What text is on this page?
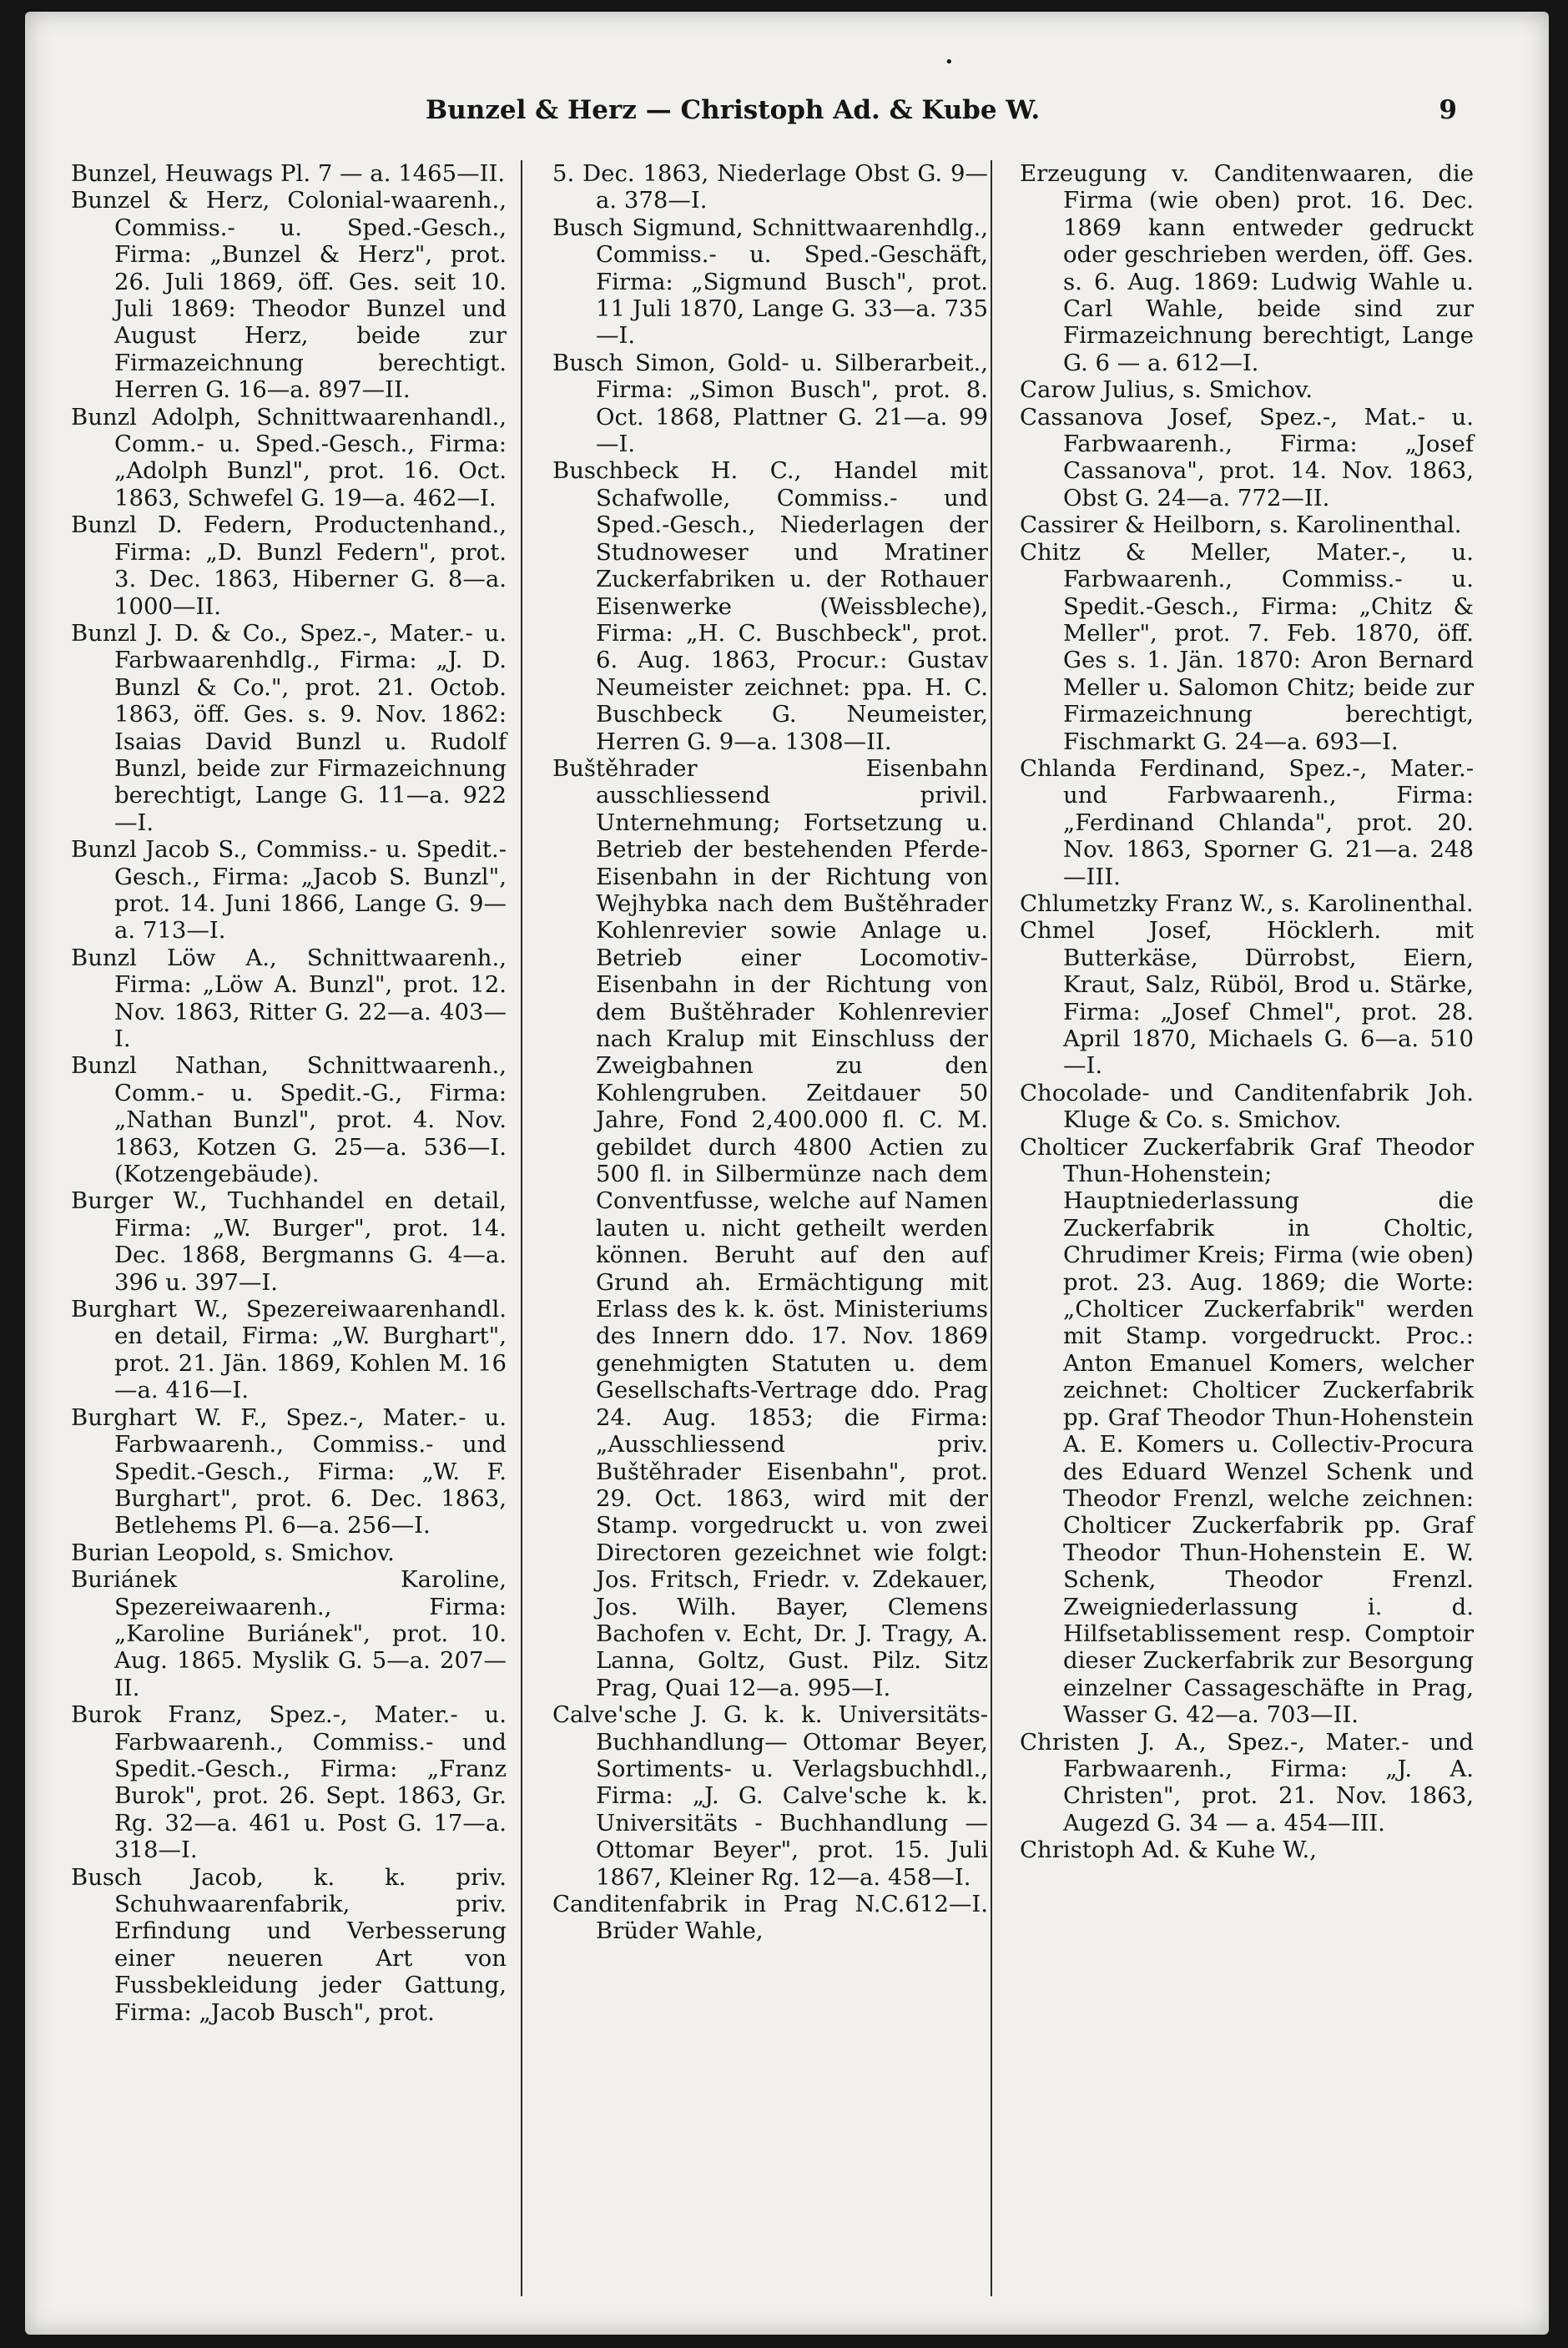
•
Bunzel & Herz — Christoph Ad. & Kube W.	9

Bunzel, Heuwags Pl. 7 — a. 1465—II.

Bunzel & Herz, Colonial-waarenh., Commiss.- u. Sped.-Gesch., Firma: „Bunzel & Herz", prot. 26. Juli 1869, öff. Ges. seit 10. Juli 1869: Theodor Bunzel und August Herz, beide zur Firmazeichnung berechtigt. Herren G. 16—a. 897—II.

Bunzl Adolph, Schnittwaarenhandl., Comm.- u. Sped.-Gesch., Firma: „Adolph Bunzl", prot. 16. Oct. 1863, Schwefel G. 19—a. 462—I.

Bunzl D. Federn, Productenhand., Firma: „D. Bunzl Federn", prot. 3. Dec. 1863, Hiberner G. 8—a. 1000—II.

Bunzl J. D. & Co., Spez.-, Mater.- u. Farbwaarenhdlg., Firma: „J. D. Bunzl & Co.", prot. 21. Octob. 1863, öff. Ges. s. 9. Nov. 1862: Isaias David Bunzl u. Rudolf Bunzl, beide zur Firmazeichnung berechtigt, Lange G. 11—a. 922—I.

Bunzl Jacob S., Commiss.- u. Spedit.-Gesch., Firma: „Jacob S. Bunzl", prot. 14. Juni 1866, Lange G. 9—a. 713—I.

Bunzl Löw A., Schnittwaarenh., Firma: „Löw A. Bunzl", prot. 12. Nov. 1863, Ritter G. 22—a. 403—I.

Bunzl Nathan, Schnittwaarenh., Comm.- u. Spedit.-G., Firma: „Nathan Bunzl", prot. 4. Nov. 1863, Kotzen G. 25—a. 536—I. (Kotzengebäude).

Burger W., Tuchhandel en detail, Firma: „W. Burger", prot. 14. Dec. 1868, Bergmanns G. 4—a. 396 u. 397—I.

Burghart W., Spezereiwaarenhandl. en detail, Firma: „W. Burghart", prot. 21. Jän. 1869, Kohlen M. 16—a. 416—I.

Burghart W. F., Spez.-, Mater.- u. Farbwaarenh., Commiss.- und Spedit.-Gesch., Firma: „W. F. Burghart", prot. 6. Dec. 1863, Betlehems Pl. 6—a. 256—I.

Burian Leopold, s. Smichov.

Buriánek Karoline, Spezereiwaarenh., Firma: „Karoline Buriánek", prot. 10. Aug. 1865. Myslik G. 5—a. 207—II.

Burok Franz, Spez.-, Mater.- u. Farbwaarenh., Commiss.- und Spedit.-Gesch., Firma: „Franz Burok", prot. 26. Sept. 1863, Gr. Rg. 32—a. 461 u. Post G. 17—a. 318—I.

Busch Jacob, k. k. priv. Schuhwaarenfabrik, priv. Erfindung und Verbesserung einer neueren Art von Fussbekleidung jeder Gattung, Firma: „Jacob Busch", prot.

5. Dec. 1863, Niederlage Obst G. 9—a. 378—I.

Busch Sigmund, Schnittwaarenhdlg., Commiss.- u. Sped.-Geschäft, Firma: „Sigmund Busch", prot. 11 Juli 1870, Lange G. 33—a. 735—I.

Busch Simon, Gold- u. Silberarbeit., Firma: „Simon Busch", prot. 8. Oct. 1868, Plattner G. 21—a. 99—I.

Buschbeck H. C., Handel mit Schafwolle, Commiss.- und Sped.-Gesch., Niederlagen der Studnoweser und Mratiner Zuckerfabriken u. der Rothauer Eisenwerke (Weissbleche), Firma: „H. C. Buschbeck", prot. 6. Aug. 1863, Procur.: Gustav Neumeister zeichnet: ppa. H. C. Buschbeck G. Neumeister, Herren G. 9—a. 1308—II.

Buštěhrader Eisenbahn ausschliessend privil. Unternehmung; Fortsetzung u. Betrieb der bestehenden Pferde-Eisenbahn in der Richtung von Wejhybka nach dem Buštěhrader Kohlenrevier sowie Anlage u. Betrieb einer Locomotiv-Eisenbahn in der Richtung von dem Buštěhrader Kohlenrevier nach Kralup mit Einschluss der Zweigbahnen zu den Kohlengruben. Zeitdauer 50 Jahre, Fond 2,400.000 fl. C. M. gebildet durch 4800 Actien zu 500 fl. in Silbermünze nach dem Conventfusse, welche auf Namen lauten u. nicht getheilt werden können. Beruht auf den auf Grund ah. Ermächtigung mit Erlass des k. k. öst. Ministeriums des Innern ddo. 17. Nov. 1869 genehmigten Statuten u. dem Gesellschafts-Vertrage ddo. Prag 24. Aug. 1853; die Firma: „Ausschliessend priv. Buštěhrader Eisenbahn", prot. 29. Oct. 1863, wird mit der Stamp. vorgedruckt u. von zwei Directoren gezeichnet wie folgt: Jos. Fritsch, Friedr. v. Zdekauer, Jos. Wilh. Bayer, Clemens Bachofen v. Echt, Dr. J. Tragy, A. Lanna, Goltz, Gust. Pilz. Sitz Prag, Quai 12—a. 995—I.

Calve'sche J. G. k. k. Universitäts-Buchhandlung— Ottomar Beyer, Sortiments- u. Verlagsbuchhdl., Firma: „J. G. Calve'sche k. k. Universitäts - Buchhandlung — Ottomar Beyer", prot. 15. Juli 1867, Kleiner Rg. 12—a. 458—I.

Canditenfabrik in Prag N.C.612—I. Brüder Wahle,

Erzeugung v. Canditenwaaren, die Firma (wie oben) prot. 16. Dec. 1869 kann entweder gedruckt oder geschrieben werden, öff. Ges. s. 6. Aug. 1869: Ludwig Wahle u. Carl Wahle, beide sind zur Firmazeichnung berechtigt, Lange G. 6 — a. 612—I.

Carow Julius, s. Smichov.

Cassanova Josef, Spez.-, Mat.- u. Farbwaarenh., Firma: „Josef Cassanova", prot. 14. Nov. 1863, Obst G. 24—a. 772—II.

Cassirer & Heilborn, s. Karolinenthal.

Chitz & Meller, Mater.-, u. Farbwaarenh., Commiss.- u. Spedit.-Gesch., Firma: „Chitz & Meller", prot. 7. Feb. 1870, öff. Ges s. 1. Jän. 1870: Aron Bernard Meller u. Salomon Chitz; beide zur Firmazeichnung berechtigt, Fischmarkt G. 24—a. 693—I.

Chlanda Ferdinand, Spez.-, Mater.- und Farbwaarenh., Firma: „Ferdinand Chlanda", prot. 20. Nov. 1863, Sporner G. 21—a. 248—III.

Chlumetzky Franz W., s. Karolinenthal.

Chmel Josef, Höcklerh. mit Butterkäse, Dürrobst, Eiern, Kraut, Salz, Rüböl, Brod u. Stärke, Firma: „Josef Chmel", prot. 28. April 1870, Michaels G. 6—a. 510—I.

Chocolade- und Canditenfabrik Joh. Kluge & Co. s. Smichov.

Cholticer Zuckerfabrik Graf Theodor Thun-Hohenstein; Hauptniederlassung die Zuckerfabrik in Choltic, Chrudimer Kreis; Firma (wie oben) prot. 23. Aug. 1869; die Worte: „Cholticer Zuckerfabrik" werden mit Stamp. vorgedruckt. Proc.: Anton Emanuel Komers, welcher zeichnet: Cholticer Zuckerfabrik pp. Graf Theodor Thun-Hohenstein A. E. Komers u. Collectiv-Procura des Eduard Wenzel Schenk und Theodor Frenzl, welche zeichnen: Cholticer Zuckerfabrik pp. Graf Theodor Thun-Hohenstein E. W. Schenk, Theodor Frenzl. Zweigniederlassung i. d. Hilfsetablissement resp. Comptoir dieser Zuckerfabrik zur Besorgung einzelner Cassageschäfte in Prag, Wasser G. 42—a. 703—II.

Christen J. A., Spez.-, Mater.- und Farbwaarenh., Firma: „J. A. Christen", prot. 21. Nov. 1863, Augezd G. 34 — a. 454—III.

Christoph Ad. & Kuhe W.,
